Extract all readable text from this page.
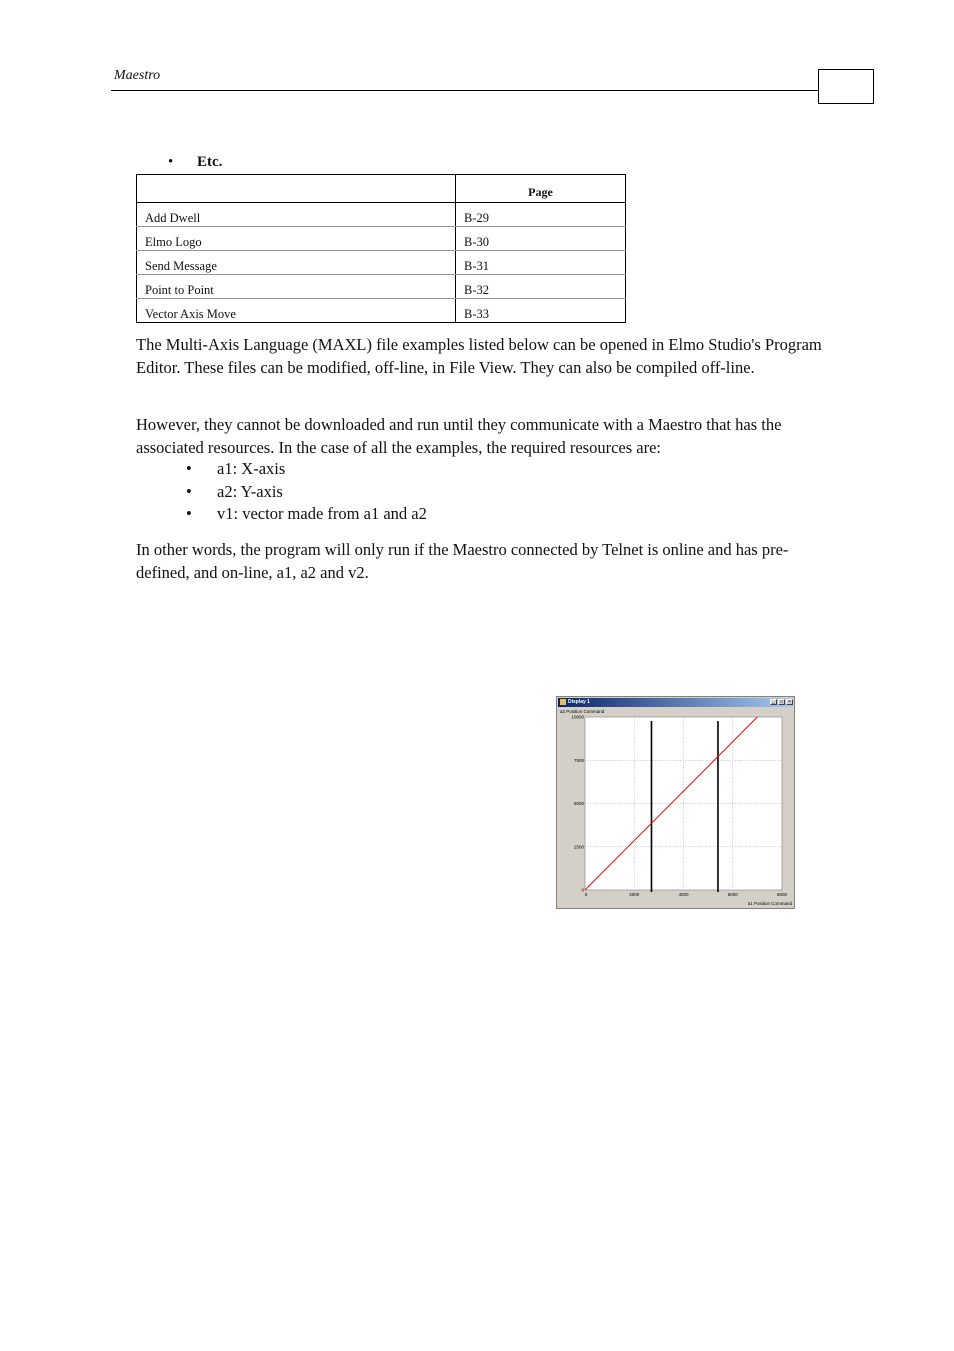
Maestro
• Etc.
	Page
Add Dwell	B-29
Elmo Logo	B-30
Send Message	B-31
Point to Point	B-32
Vector Axis Move	B-33

The Multi-Axis Language (MAXL) file examples listed below can be opened in Elmo Studio's Program Editor. These files can be modified, off-line, in File View. They can also be compiled off-line.

However, they cannot be downloaded and run until they communicate with a Maestro that has the associated resources. In the case of all the examples, the required resources are:

• a1: X-axis
• a2: Y-axis
• v1: vector made from a1 and a2

In other words, the program will only run if the Maestro connected by Telnet is online and has pre-defined, and on-line, a1, a2 and v2.

Display 1	_	□	×
a2 Position Command
0	2000	4000	6000	8000
0
2500
5000
7500
10000
a1 Position Command
